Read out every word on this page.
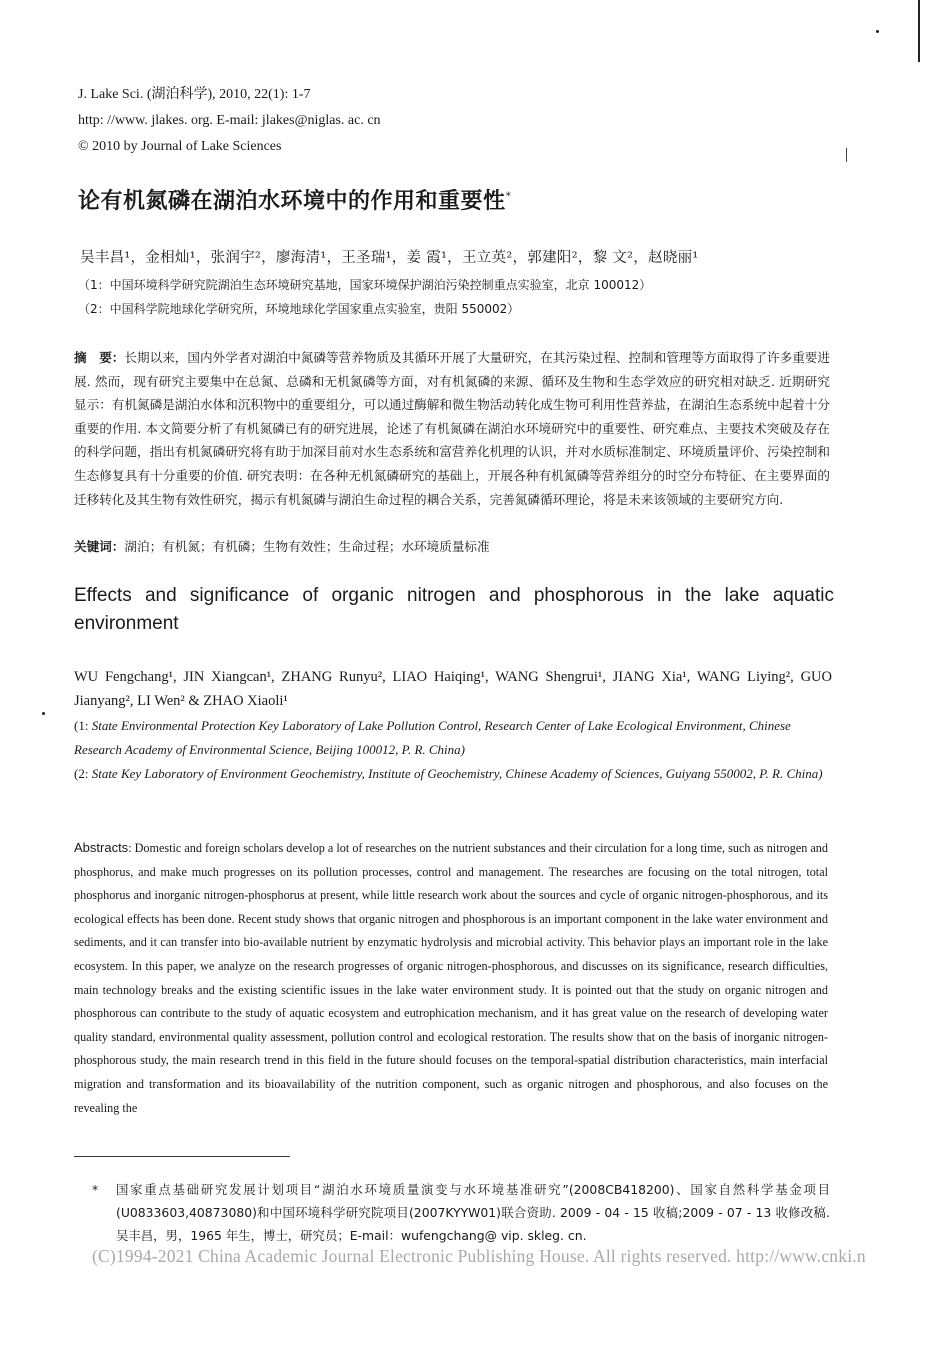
J. Lake Sci. (湖泊科学), 2010, 22(1): 1-7
http: //www. jlakes. org. E-mail: jlakes@niglas. ac. cn
© 2010 by Journal of Lake Sciences
论有机氮磷在湖泊水环境中的作用和重要性*
吴丰昌¹，金相灿¹，张润宇²，廖海清¹，王圣瑞¹，姜 霞¹，王立英²，郭建阳²，黎 文²，赵晓丽¹
（1：中国环境科学研究院湖泊生态环境研究基地，国家环境保护湖泊污染控制重点实验室，北京 100012）
（2：中国科学院地球化学研究所，环境地球化学国家重点实验室，贵阳 550002）
摘　要：长期以来，国内外学者对湖泊中氮磷等营养物质及其循环开展了大量研究，在其污染过程、控制和管理等方面取得了许多重要进展. 然而，现有研究主要集中在总氮、总磷和无机氮磷等方面，对有机氮磷的来源、循环及生物和生态学效应的研究相对缺乏. 近期研究显示：有机氮磷是湖泊水体和沉积物中的重要组分，可以通过酶解和微生物活动转化成生物可利用性营养盐，在湖泊生态系统中起着十分重要的作用. 本文简要分析了有机氮磷已有的研究进展，论述了有机氮磷在湖泊水环境研究中的重要性、研究难点、主要技术突破及存在的科学问题，指出有机氮磷研究将有助于加深目前对水生态系统和富营养化机理的认识，并对水质标准制定、环境质量评价、污染控制和生态修复具有十分重要的价值. 研究表明：在各种无机氮磷研究的基础上，开展各种有机氮磷等营养组分的时空分布特征、在主要界面的迁移转化及其生物有效性研究，揭示有机氮磷与湖泊生命过程的耦合关系，完善氮磷循环理论，将是未来该领域的主要研究方向.
关键词：湖泊；有机氮；有机磷；生物有效性；生命过程；水环境质量标准
Effects and significance of organic nitrogen and phosphorous in the lake aquatic environment
WU Fengchang¹, JIN Xiangcan¹, ZHANG Runyu², LIAO Haiqing¹, WANG Shengrui¹, JIANG Xia¹, WANG Liying², GUO Jianyang², LI Wen² & ZHAO Xiaoli¹
(1: State Environmental Protection Key Laboratory of Lake Pollution Control, Research Center of Lake Ecological Environment, Chinese Research Academy of Environmental Science, Beijing 100012, P. R. China)
(2: State Key Laboratory of Environment Geochemistry, Institute of Geochemistry, Chinese Academy of Sciences, Guiyang 550002, P. R. China)
Abstracts: Domestic and foreign scholars develop a lot of researches on the nutrient substances and their circulation for a long time, such as nitrogen and phosphorus, and make much progresses on its pollution processes, control and management. The researches are focusing on the total nitrogen, total phosphorus and inorganic nitrogen-phosphorus at present, while little research work about the sources and cycle of organic nitrogen-phosphorous, and its ecological effects has been done. Recent study shows that organic nitrogen and phosphorous is an important component in the lake water environment and sediments, and it can transfer into bio-available nutrient by enzymatic hydrolysis and microbial activity. This behavior plays an important role in the lake ecosystem. In this paper, we analyze on the research progresses of organic nitrogen-phosphorous, and discusses on its significance, research difficulties, main technology breaks and the existing scientific issues in the lake water environment study. It is pointed out that the study on organic nitrogen and phosphorous can contribute to the study of aquatic ecosystem and eutrophication mechanism, and it has great value on the research of developing water quality standard, environmental quality assessment, pollution control and ecological restoration. The results show that on the basis of inorganic nitrogen-phosphorous study, the main research trend in this field in the future should focuses on the temporal-spatial distribution characteristics, main interfacial migration and transformation and its bioavailability of the nutrition component, such as organic nitrogen and phosphorous, and also focuses on the revealing the
*	国家重点基础研究发展计划项目“湖泊水环境质量演变与水环境基准研究”(2008CB418200)、国家自然科学基金项目(U0833603,40873080)和中国环境科学研究院项目(2007KYYW01)联合资助. 2009 - 04 - 15 收稿;2009 - 07 - 13 收修改稿. 吴丰昌，男，1965 年生，博士，研究员；E-mail：wufengchang@ vip. skleg. cn.
(C)1994-2021 China Academic Journal Electronic Publishing House. All rights reserved. http://www.cnki.n
